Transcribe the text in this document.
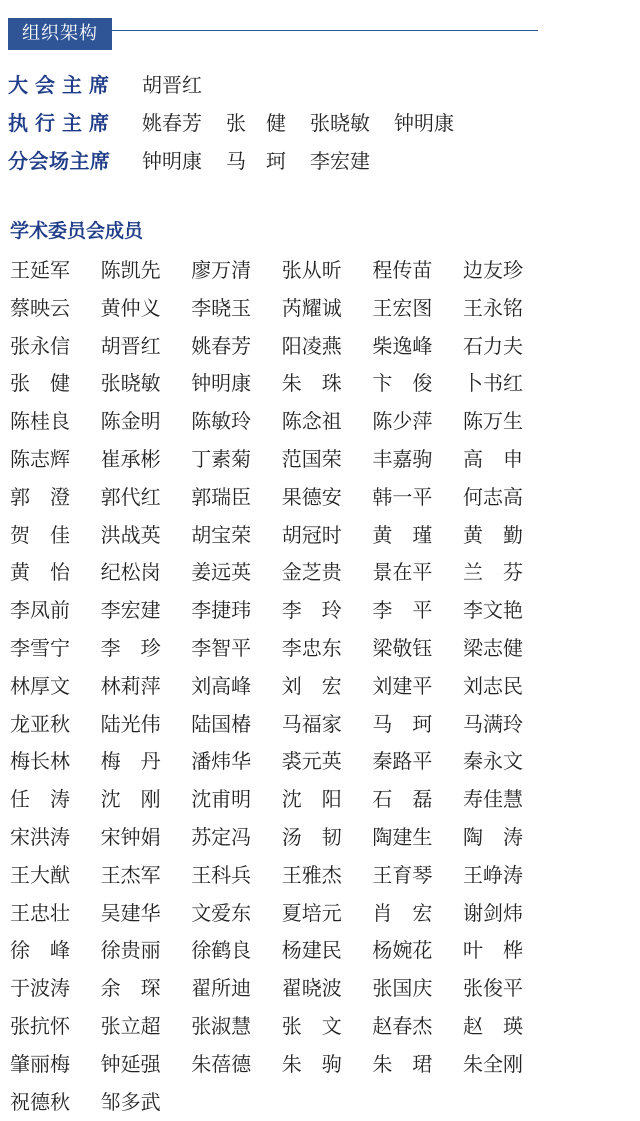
组织架构
大会主席	胡晋红
执行主席	姚春芳 张　健 张晓敏 钟明康
分会场主席	钟明康 马　珂 李宏建
学术委员会成员
王延军	陈凯先	廖万清	张从昕	程传苗	边友珍
蔡映云	黄仲义	李晓玉	芮耀诚	王宏图	王永铭
张永信	胡晋红	姚春芳	阳凌燕	柴逸峰	石力夫
张　健	张晓敏	钟明康	朱　珠	卞　俊	卜书红
陈桂良	陈金明	陈敏玲	陈念祖	陈少萍	陈万生
陈志辉	崔承彬	丁素菊	范国荣	丰嘉驹	高　申
郭　澄	郭代红	郭瑞臣	果德安	韩一平	何志高
贺　佳	洪战英	胡宝荣	胡冠时	黄　瑾	黄　勤
黄　怡	纪松岗	姜远英	金芝贵	景在平	兰　芬
李凤前	李宏建	李捷玮	李　玲	李　平	李文艳
李雪宁	李　珍	李智平	李忠东	梁敬钰	梁志健
林厚文	林莉萍	刘高峰	刘　宏	刘建平	刘志民
龙亚秋	陆光伟	陆国椿	马福家	马　珂	马满玲
梅长林	梅　丹	潘炜华	裘元英	秦路平	秦永文
任　涛	沈　刚	沈甫明	沈　阳	石　磊	寿佳慧
宋洪涛	宋钟娟	苏定冯	汤　韧	陶建生	陶　涛
王大猷	王杰军	王科兵	王雅杰	王育琴	王峥涛
王忠壮	吴建华	文爱东	夏培元	肖　宏	谢剑炜
徐　峰	徐贵丽	徐鹤良	杨建民	杨婉花	叶　桦
于波涛	余　琛	翟所迪	翟晓波	张国庆	张俊平
张抗怀	张立超	张淑慧	张　文	赵春杰	赵　瑛
肇丽梅	钟延强	朱蓓德	朱　驹	朱　珺	朱全刚
祝德秋	邹多武
